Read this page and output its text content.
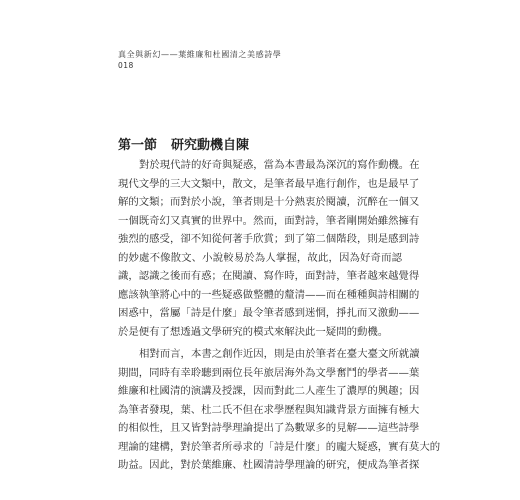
真全與新幻——葉維廉和杜國清之美感詩學
018
第一節 研究動機自陳
對於現代詩的好奇與疑惑，當為本書最為深沉的寫作動機。在
現代文學的三大文類中，散文，是筆者最早進行創作，也是最早了
解的文類；而對於小說，筆者則是十分熱衷於閱讀，沉醉在一個又
一個既奇幻又真實的世界中。然而，面對詩，筆者剛開始雖然擁有
強烈的感受，卻不知從何著手欣賞；到了第二個階段，則是感到詩
的妙處不像散文、小說較易於為人掌握，故此，因為好奇而認
識，認識之後而有惑；在閱讀、寫作時，面對詩，筆者越來越覺得
應該執筆將心中的一些疑惑做整體的釐清——而在種種與詩相關的
困惑中，當屬「詩是什麼」最令筆者感到迷惘，掙扎而又激動——
於是便有了想透過文學研究的模式來解決此一疑問的動機。
相對而言，本書之創作近因，則是由於筆者在臺大臺文所就讀
期間，同時有幸聆聽到兩位長年旅居海外為文學奮鬥的學者——葉
維廉和杜國清的演講及授課，因而對此二人產生了濃厚的興趣；因
為筆者發現，葉、杜二氏不但在求學歷程與知識背景方面擁有極大
的相似性，且又皆對詩學理論提出了為數眾多的見解——這些詩學
理論的建構，對於筆者所尋求的「詩是什麼」的龐大疑惑，實有莫大的
助益。因此，對於葉維廉、杜國清詩學理論的研究，便成為筆者探
